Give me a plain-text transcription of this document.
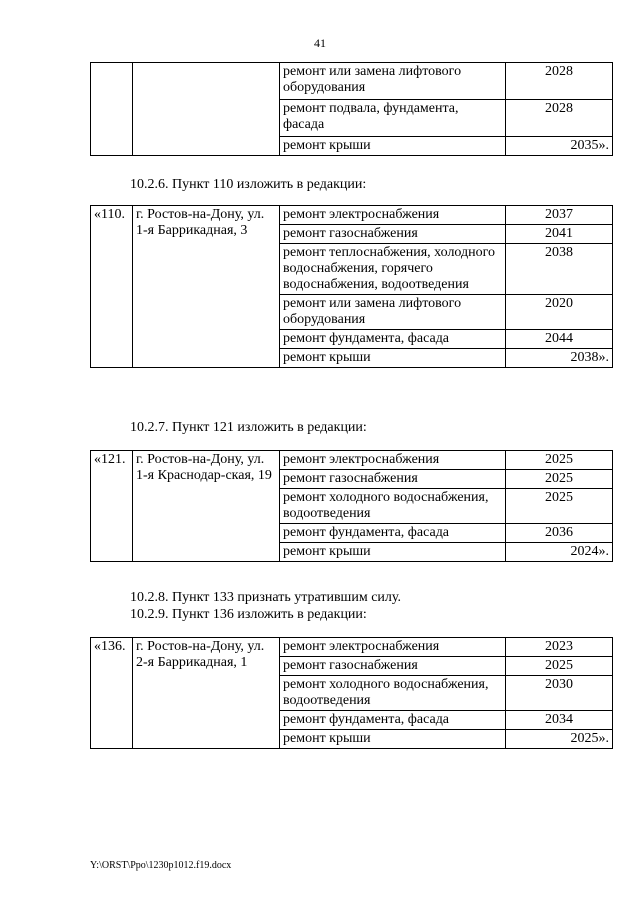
41
		ремонт или замена лифтового оборудования	2028
		ремонт подвала, фундамента, фасада	2028
		ремонт крыши	2035».
10.2.6. Пункт 110 изложить в редакции:
«110.	г. Ростов-на-Дону, ул. 1-я Баррикадная, 3	ремонт электроснабжения	2037
		ремонт газоснабжения	2041
		ремонт теплоснабжения, холодного водоснабжения, горячего водоснабжения, водоотведения	2038
		ремонт или замена лифтового оборудования	2020
		ремонт фундамента, фасада	2044
		ремонт крыши	2038».
10.2.7. Пункт 121 изложить в редакции:
«121.	г. Ростов-на-Дону, ул. 1-я Краснодар-ская, 19	ремонт электроснабжения	2025
		ремонт газоснабжения	2025
		ремонт холодного водоснабжения, водоотведения	2025
		ремонт фундамента, фасада	2036
		ремонт крыши	2024».
10.2.8. Пункт 133 признать утратившим силу.
10.2.9. Пункт 136 изложить в редакции:
«136.	г. Ростов-на-Дону, ул. 2-я Баррикадная, 1	ремонт электроснабжения	2023
		ремонт газоснабжения	2025
		ремонт холодного водоснабжения, водоотведения	2030
		ремонт фундамента, фасада	2034
		ремонт крыши	2025».
Y:\ORST\Ppo\1230p1012.f19.docx
